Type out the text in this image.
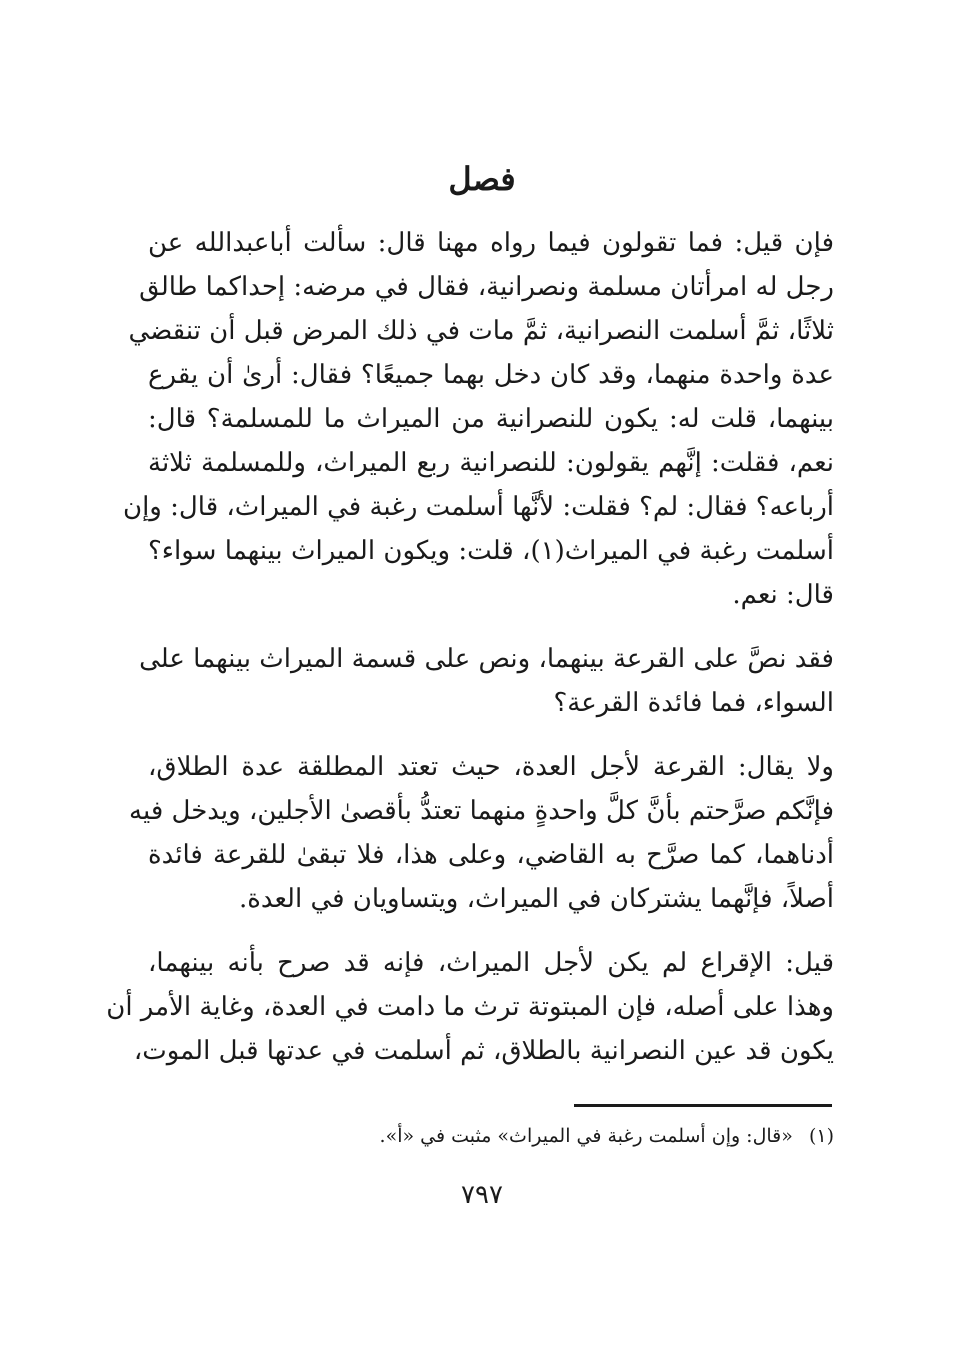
فصل
فإن قيل: فما تقولون فيما رواه مهنا قال: سألت أباعبدالله عن
رجل له امرأتان مسلمة ونصرانية، فقال في مرضه: إحداكما طالق
ثلاثًا، ثمَّ أسلمت النصرانية، ثمَّ مات في ذلك المرض قبل أن تنقضي
عدة واحدة منهما، وقد كان دخل بهما جميعًا؟ فقال: أرىٰ أن يقرع
بينهما، قلت له: يكون للنصرانية من الميراث ما للمسلمة؟ قال:
نعم، فقلت: إنَّهم يقولون: للنصرانية ربع الميراث، وللمسلمة ثلاثة
أرباعه؟ فقال: لم؟ فقلت: لأنَّها أسلمت رغبة في الميراث، قال: وإن
أسلمت رغبة في الميراث(١)، قلت: ويكون الميراث بينهما سواء؟
قال: نعم.
فقد نصَّ على القرعة بينهما، ونص على قسمة الميراث بينهما على
السواء، فما فائدة القرعة؟
ولا يقال: القرعة لأجل العدة، حيث تعتد المطلقة عدة الطلاق،
فإنَّكم صرَّحتم بأنَّ كلَّ واحدةٍ منهما تعتدُّ بأقصىٰ الأجلين، ويدخل فيه
أدناهما، كما صرَّح به القاضي، وعلى هذا، فلا تبقىٰ للقرعة فائدة
أصلاً، فإنَّهما يشتركان في الميراث، ويتساويان في العدة.
قيل: الإقراع لم يكن لأجل الميراث، فإنه قد صرح بأنه بينهما،
وهذا على أصله، فإن المبتوتة ترث ما دامت في العدة، وغاية الأمر أن
يكون قد عين النصرانية بالطلاق، ثم أسلمت في عدتها قبل الموت،
(١) «قال: وإن أسلمت رغبة في الميراث» مثبت في «أ».
٧٩٧
